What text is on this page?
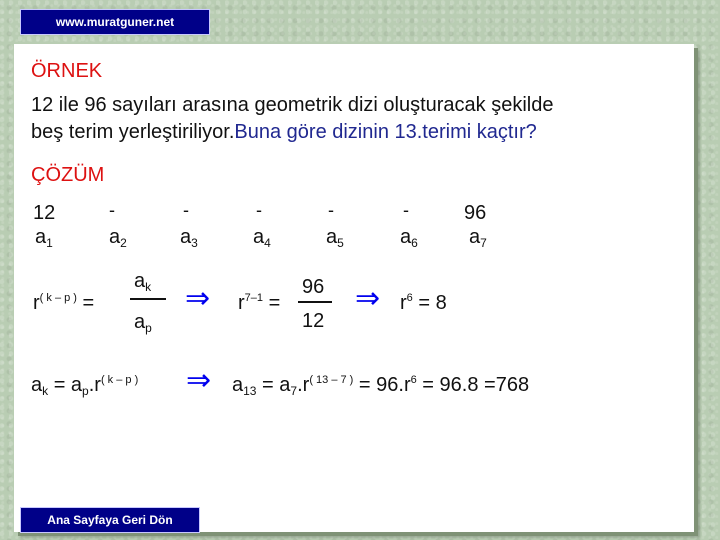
www.muratguner.net
ÖRNEK
12 ile 96 sayıları arasına geometrik dizi oluşturacak şekilde
beş terim yerleştiriliyor.Buna göre dizinin 13.terimi kaçtır?
ÇÖZÜM
12	-	-	-	-	-	96
$a_1$	$a_2$	$a_3$	$a_4$	$a_5$	$a_6$	$a_7$
$r^{( k - p )}$ =
$a_k$
$a_p$
⇒ $r^{7-1}$ =
96
12
⇒ $r^6 = 8$
$a_k = a_p.r^{( k - p )}$ ⇒ $a_{13} = a_7.r^{( 13 - 7 )} = 96.r^6 = 96.8 =768$
Ana Sayfaya Geri Dön
